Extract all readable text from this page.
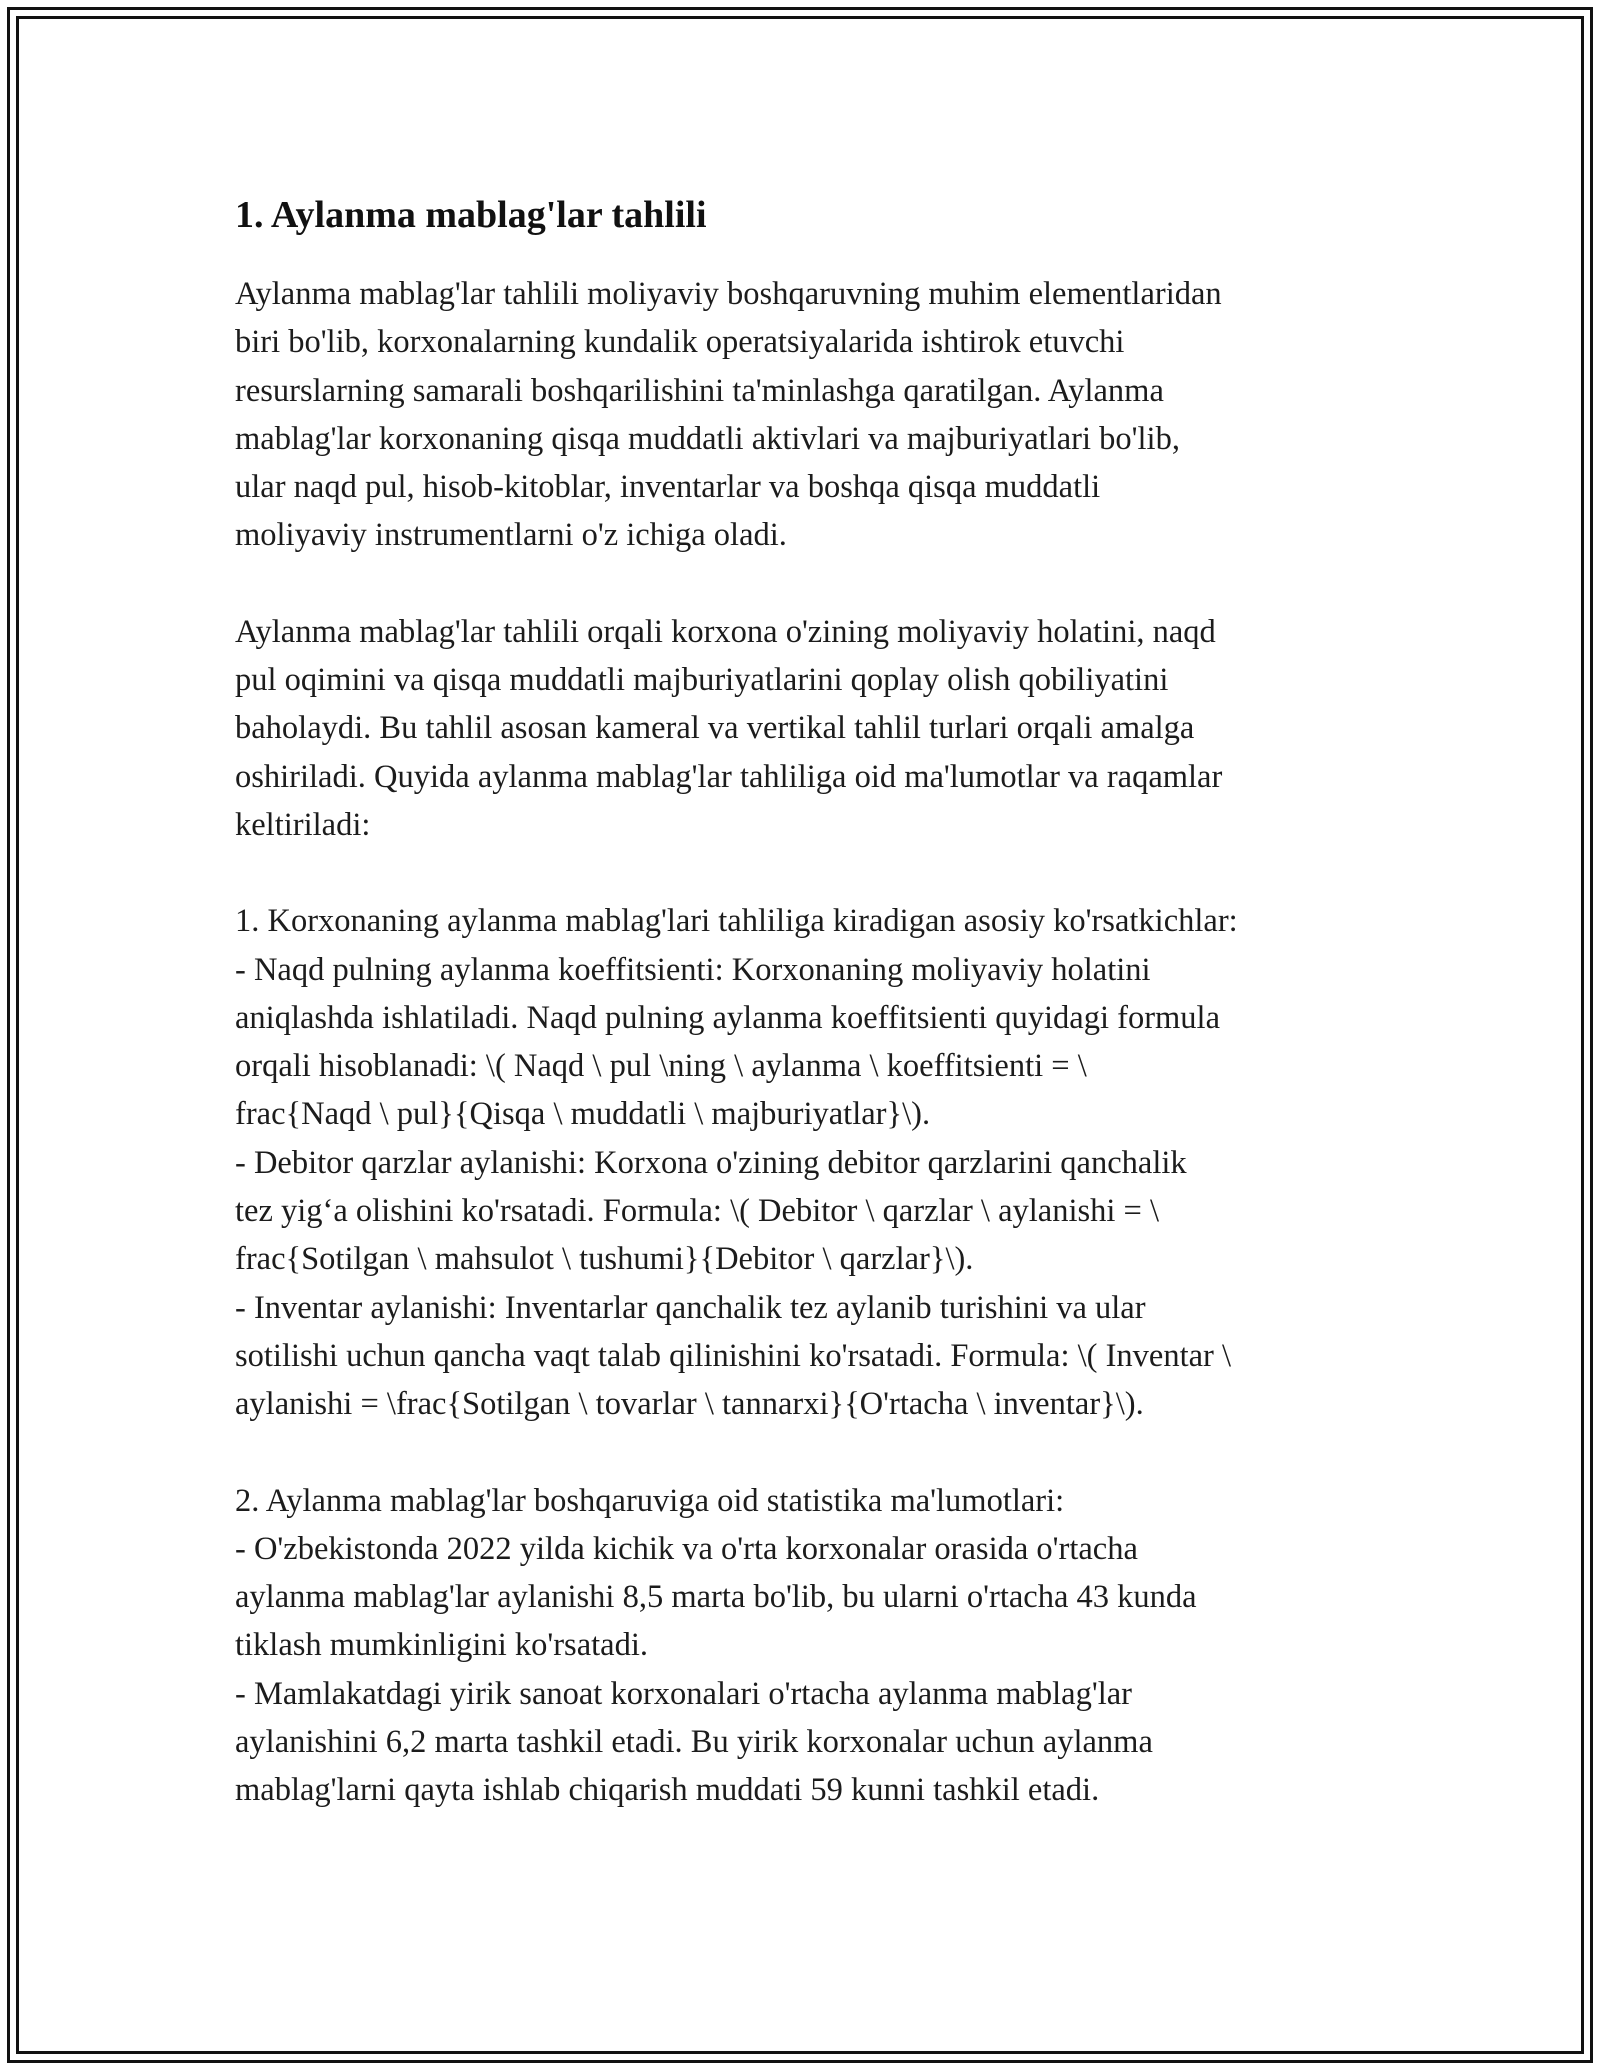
1. Aylanma mablag'lar tahlili

Aylanma mablag'lar tahlili moliyaviy boshqaruvning muhim elementlaridan
biri bo'lib, korxonalarning kundalik operatsiyalarida ishtirok etuvchi
resurslarning samarali boshqarilishini ta'minlashga qaratilgan. Aylanma
mablag'lar korxonaning qisqa muddatli aktivlari va majburiyatlari bo'lib,
ular naqd pul, hisob-kitoblar, inventarlar va boshqa qisqa muddatli
moliyaviy instrumentlarni o'z ichiga oladi.

Aylanma mablag'lar tahlili orqali korxona o'zining moliyaviy holatini, naqd
pul oqimini va qisqa muddatli majburiyatlarini qoplay olish qobiliyatini
baholaydi. Bu tahlil asosan kameral va vertikal tahlil turlari orqali amalga
oshiriladi. Quyida aylanma mablag'lar tahliliga oid ma'lumotlar va raqamlar
keltiriladi:

1. Korxonaning aylanma mablag'lari tahliliga kiradigan asosiy ko'rsatkichlar:
- Naqd pulning aylanma koeffitsienti: Korxonaning moliyaviy holatini
aniqlashda ishlatiladi. Naqd pulning aylanma koeffitsienti quyidagi formula
orqali hisoblanadi: \( Naqd \ pul \ning \ aylanma \ koeffitsienti = \
frac{Naqd \ pul}{Qisqa \ muddatli \ majburiyatlar}\).
- Debitor qarzlar aylanishi: Korxona o'zining debitor qarzlarini qanchalik
tez yig‘a olishini ko'rsatadi. Formula: \( Debitor \ qarzlar \ aylanishi = \
frac{Sotilgan \ mahsulot \ tushumi}{Debitor \ qarzlar}\).
- Inventar aylanishi: Inventarlar qanchalik tez aylanib turishini va ular
sotilishi uchun qancha vaqt talab qilinishini ko'rsatadi. Formula: \( Inventar \
aylanishi = \frac{Sotilgan \ tovarlar \ tannarxi}{O'rtacha \ inventar}\).

2. Aylanma mablag'lar boshqaruviga oid statistika ma'lumotlari:
- O'zbekistonda 2022 yilda kichik va o'rta korxonalar orasida o'rtacha
aylanma mablag'lar aylanishi 8,5 marta bo'lib, bu ularni o'rtacha 43 kunda
tiklash mumkinligini ko'rsatadi.
- Mamlakatdagi yirik sanoat korxonalari o'rtacha aylanma mablag'lar
aylanishini 6,2 marta tashkil etadi. Bu yirik korxonalar uchun aylanma
mablag'larni qayta ishlab chiqarish muddati 59 kunni tashkil etadi.
